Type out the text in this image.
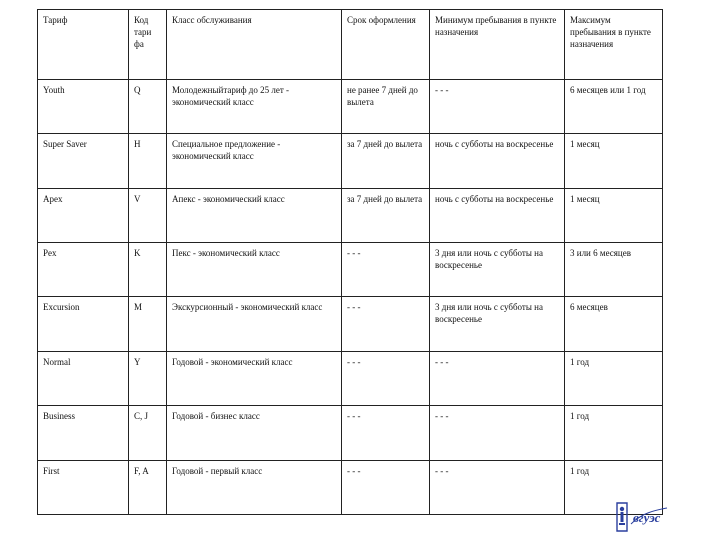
Тариф	Код тари фа	Класс обслуживания	Срок оформления	Минимум пребывания в пункте назначения	Максимум пребывания в пункте назначения

Youth	Q	Молодежныйтариф до 25 лет - экономический класс	не ранее 7 дней до вылета	- - -	6 месяцев или 1 год

Super Saver	H	Специальное предложение - экономический класс	за 7 дней до вылета	ночь с субботы на воскресенье	1 месяц

Apex	V	Апекс - экономический класс	за 7 дней до вылета	ночь с субботы на воскресенье	1 месяц

Pex	K	Пекс - экономический класс	- - -	3 дня или ночь с субботы на воскресенье	3 или 6 месяцев

Excursion	M	Экскурсионный - экономический класс	- - -	3 дня или ночь с субботы на воскресенье	6 месяцев

Normal	Y	Годовой - экономический класс	- - -	- - -	1 год

Business	C, J	Годовой - бизнес класс	- - -	- - -	1 год

First	F, A	Годовой - первый класс	- - -	- - -	1 год
вгуэс
